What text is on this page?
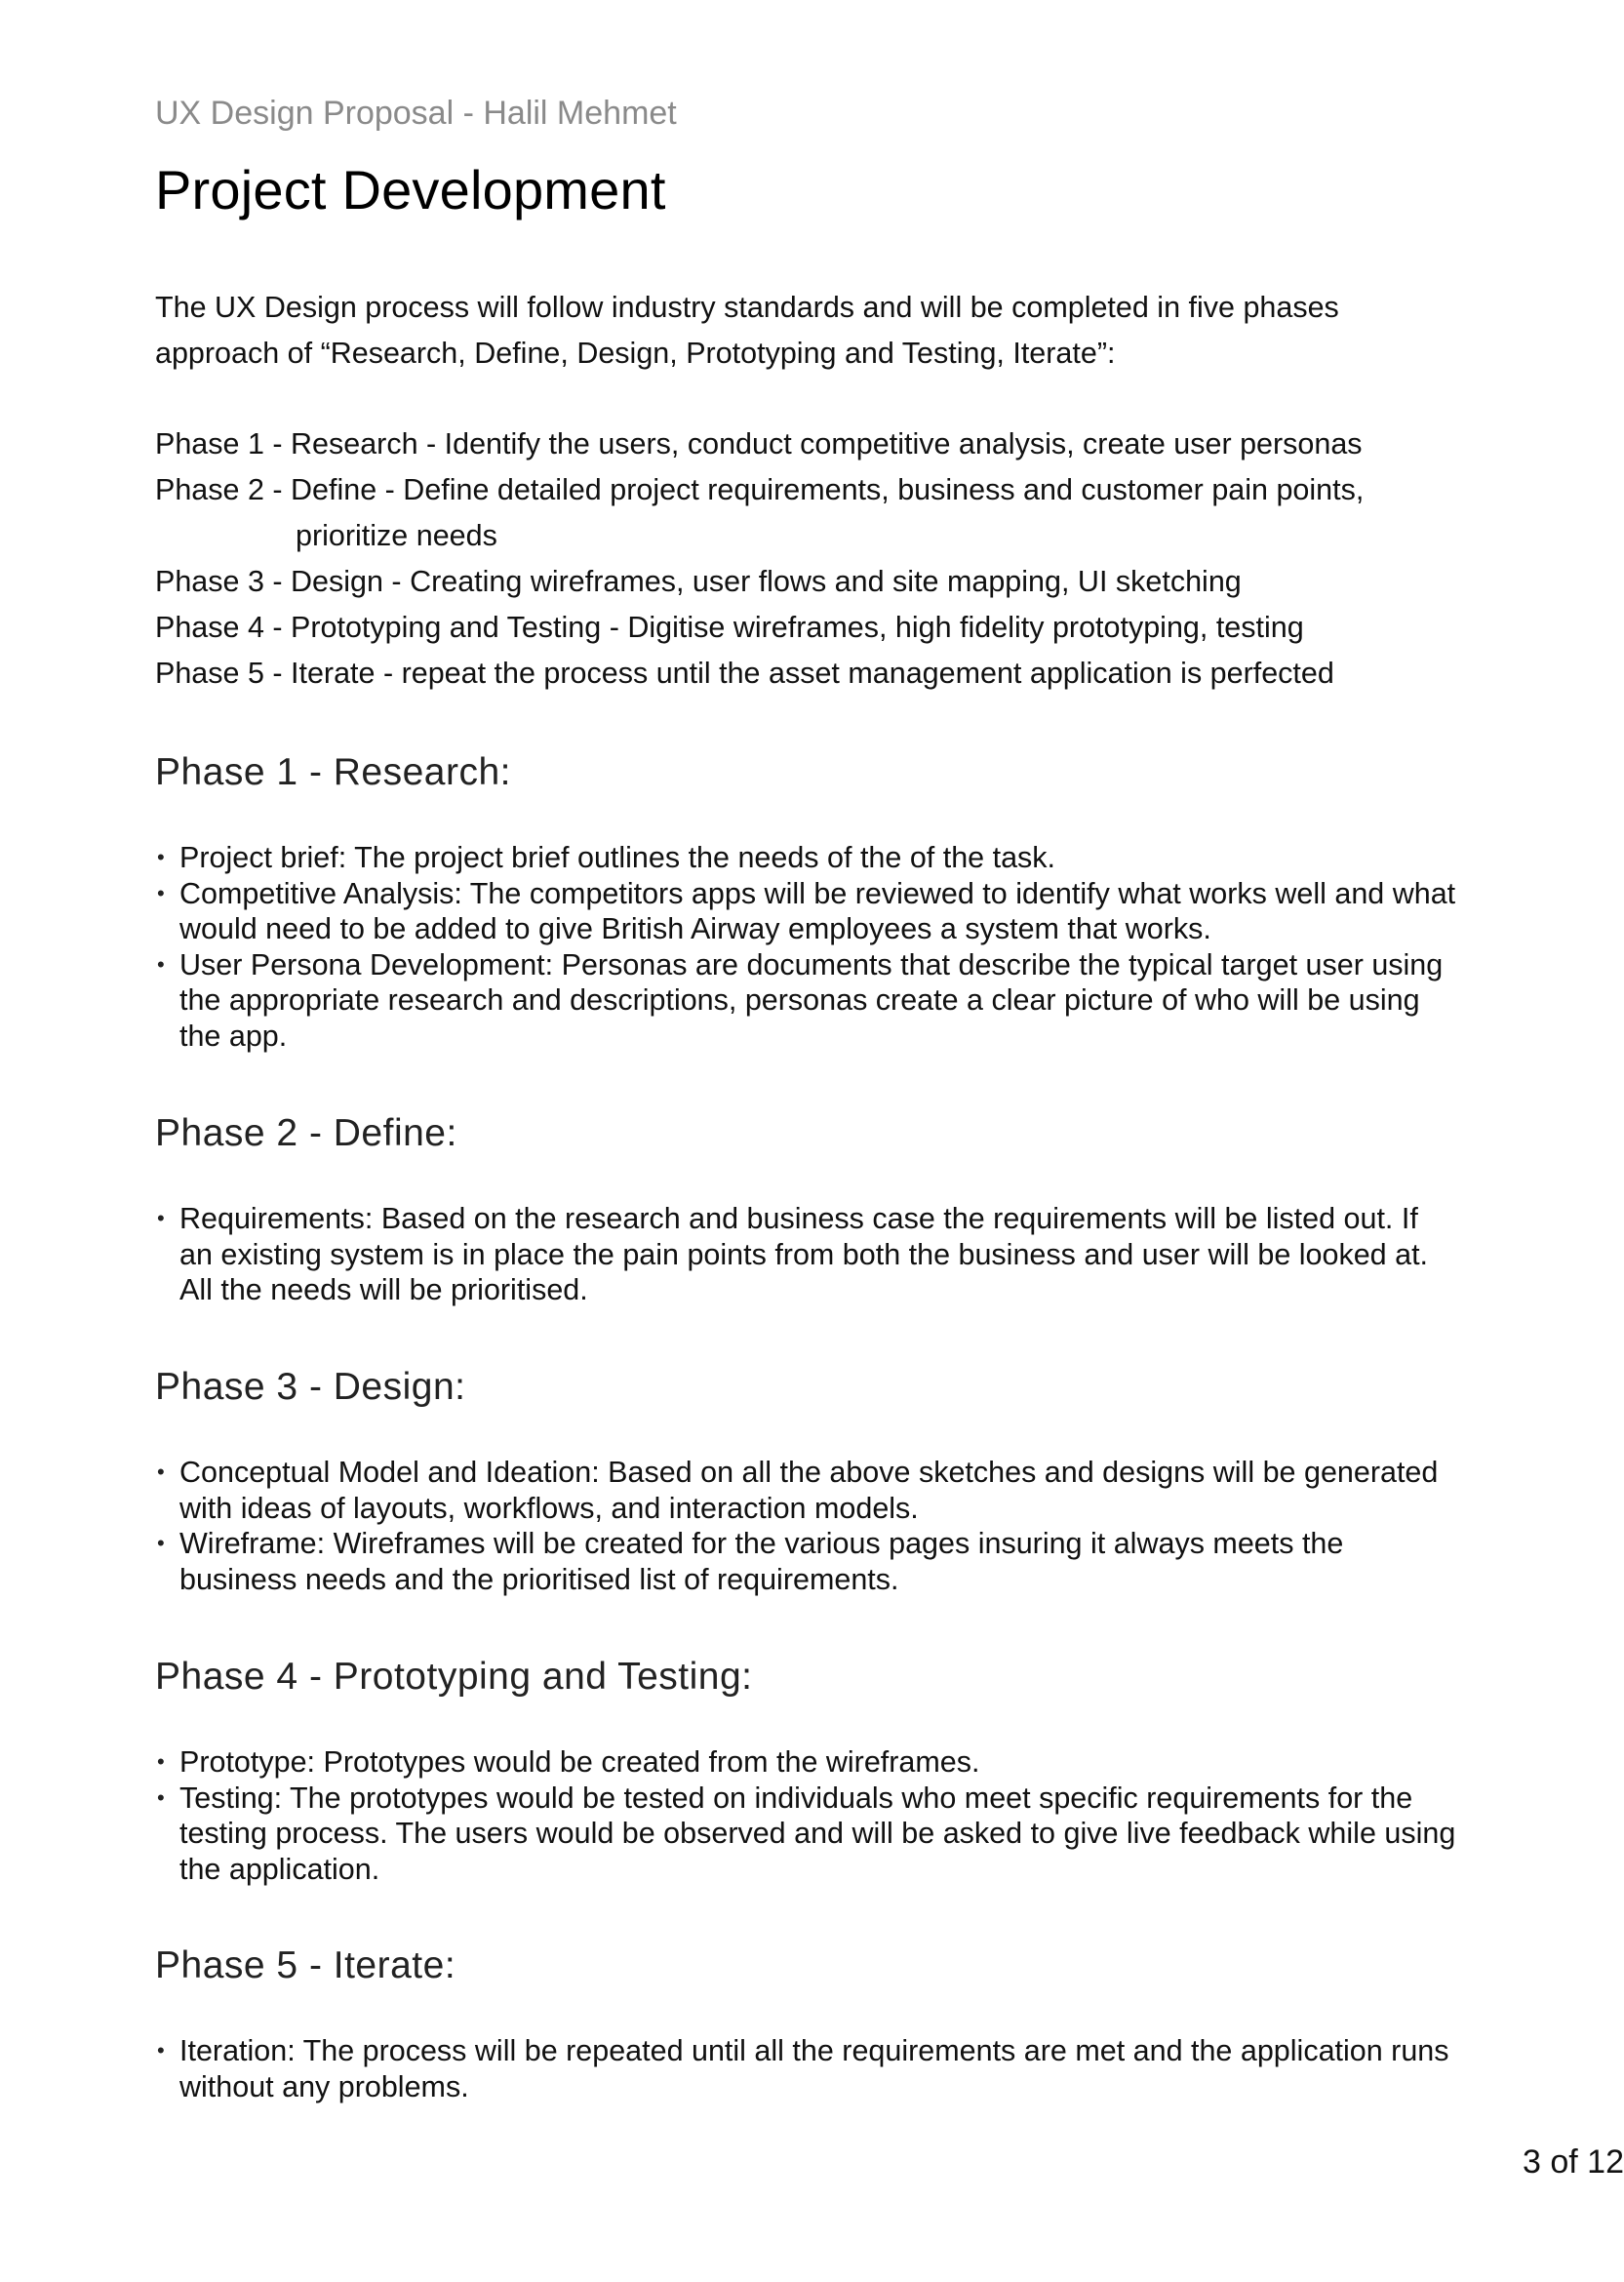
UX Design Proposal - Halil Mehmet
Project Development

The UX Design process will follow industry standards and will be completed in five phases
approach of “Research, Define, Design, Prototyping and Testing, Iterate”:

Phase 1 - Research - Identify the users, conduct competitive analysis, create user personas
Phase 2 - Define - Define detailed project requirements, business and customer pain points,
prioritize needs
Phase 3 - Design - Creating wireframes, user flows and site mapping, UI sketching
Phase 4 - Prototyping and Testing - Digitise wireframes, high fidelity prototyping, testing
Phase 5 - Iterate - repeat the process until the asset management application is perfected
Phase 1 - Research:
• Project brief: The project brief outlines the needs of the of the task.
• Competitive Analysis: The competitors apps will be reviewed to identify what works well and what
would need to be added to give British Airway employees a system that works.
• User Persona Development: Personas are documents that describe the typical target user using
the appropriate research and descriptions, personas create a clear picture of who will be using
the app.
Phase 2 - Define:
• Requirements: Based on the research and business case the requirements will be listed out. If
an existing system is in place the pain points from both the business and user will be looked at.
All the needs will be prioritised.
Phase 3 - Design:
• Conceptual Model and Ideation: Based on all the above sketches and designs will be generated
with ideas of layouts, workflows, and interaction models.
• Wireframe: Wireframes will be created for the various pages insuring it always meets the
business needs and the prioritised list of requirements.
Phase 4 - Prototyping and Testing:
• Prototype: Prototypes would be created from the wireframes.
• Testing: The prototypes would be tested on individuals who meet specific requirements for the
testing process. The users would be observed and will be asked to give live feedback while using
the application.
Phase 5 - Iterate:
• Iteration: The process will be repeated until all the requirements are met and the application runs
without any problems.
3 of 12
